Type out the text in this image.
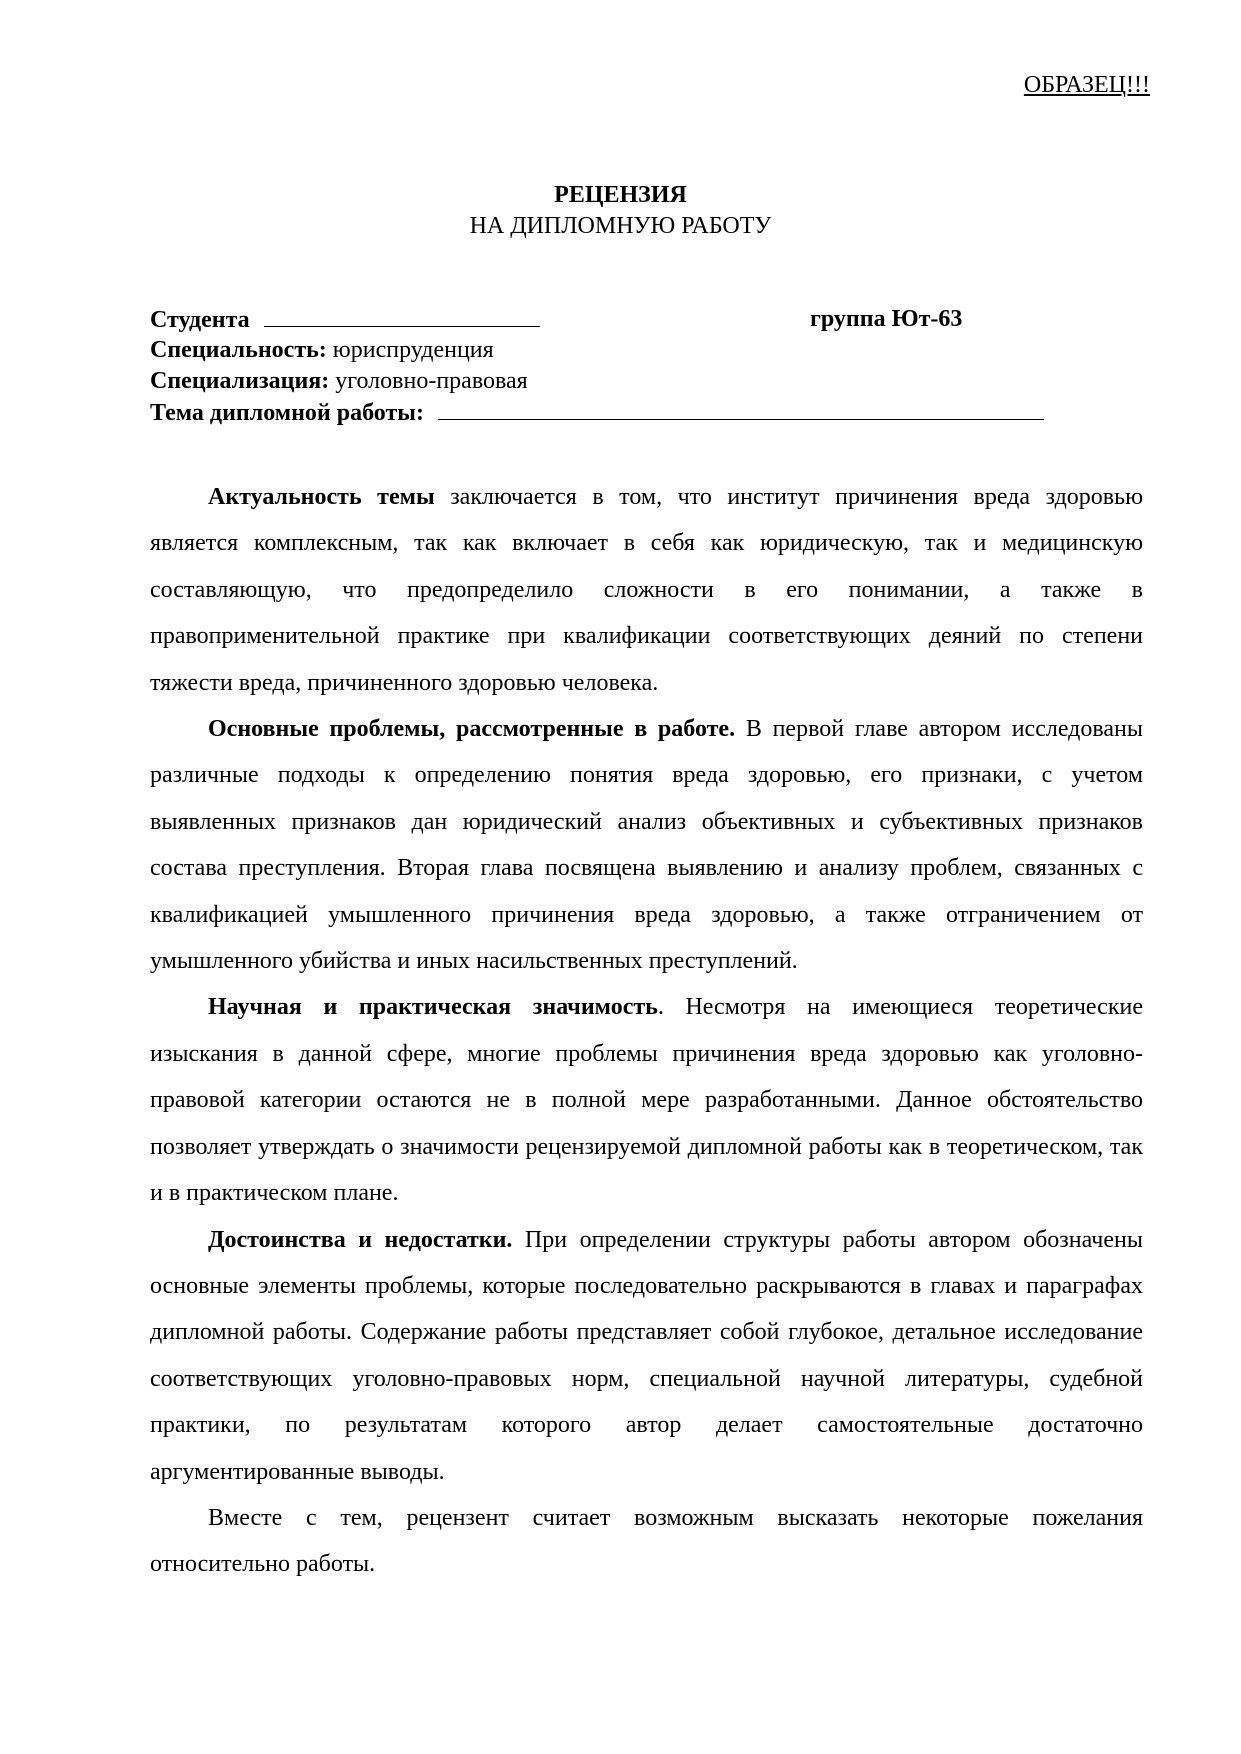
ОБРАЗЕЦ!!!
РЕЦЕНЗИЯ
НА ДИПЛОМНУЮ РАБОТУ
Студента	группа Ют-63
Специальность: юриспруденция
Специализация: уголовно-правовая
Тема дипломной работы:

Актуальность темы заключается в том, что институт причинения вреда здоровью является комплексным, так как включает в себя как юридическую, так и медицинскую составляющую, что предопределило сложности в его понимании, а также в правоприменительной практике при квалификации соответствующих деяний по степени тяжести вреда, причиненного здоровью человека.

Основные проблемы, рассмотренные в работе. В первой главе автором исследованы различные подходы к определению понятия вреда здоровью, его признаки, с учетом выявленных признаков дан юридический анализ объективных и субъективных признаков состава преступления. Вторая глава посвящена выявлению и анализу проблем, связанных с квалификацией умышленного причинения вреда здоровью, а также отграничением от умышленного убийства и иных насильственных преступлений.

Научная и практическая значимость. Несмотря на имеющиеся теоретические изыскания в данной сфере, многие проблемы причинения вреда здоровью как уголовно-правовой категории остаются не в полной мере разработанными. Данное обстоятельство позволяет утверждать о значимости рецензируемой дипломной работы как в теоретическом, так и в практическом плане.

Достоинства и недостатки. При определении структуры работы автором обозначены основные элементы проблемы, которые последовательно раскрываются в главах и параграфах дипломной работы. Содержание работы представляет собой глубокое, детальное исследование соответствующих уголовно-правовых норм, специальной научной литературы, судебной практики, по результатам которого автор делает самостоятельные достаточно аргументированные выводы.

Вместе с тем, рецензент считает возможным высказать некоторые пожелания относительно работы.
